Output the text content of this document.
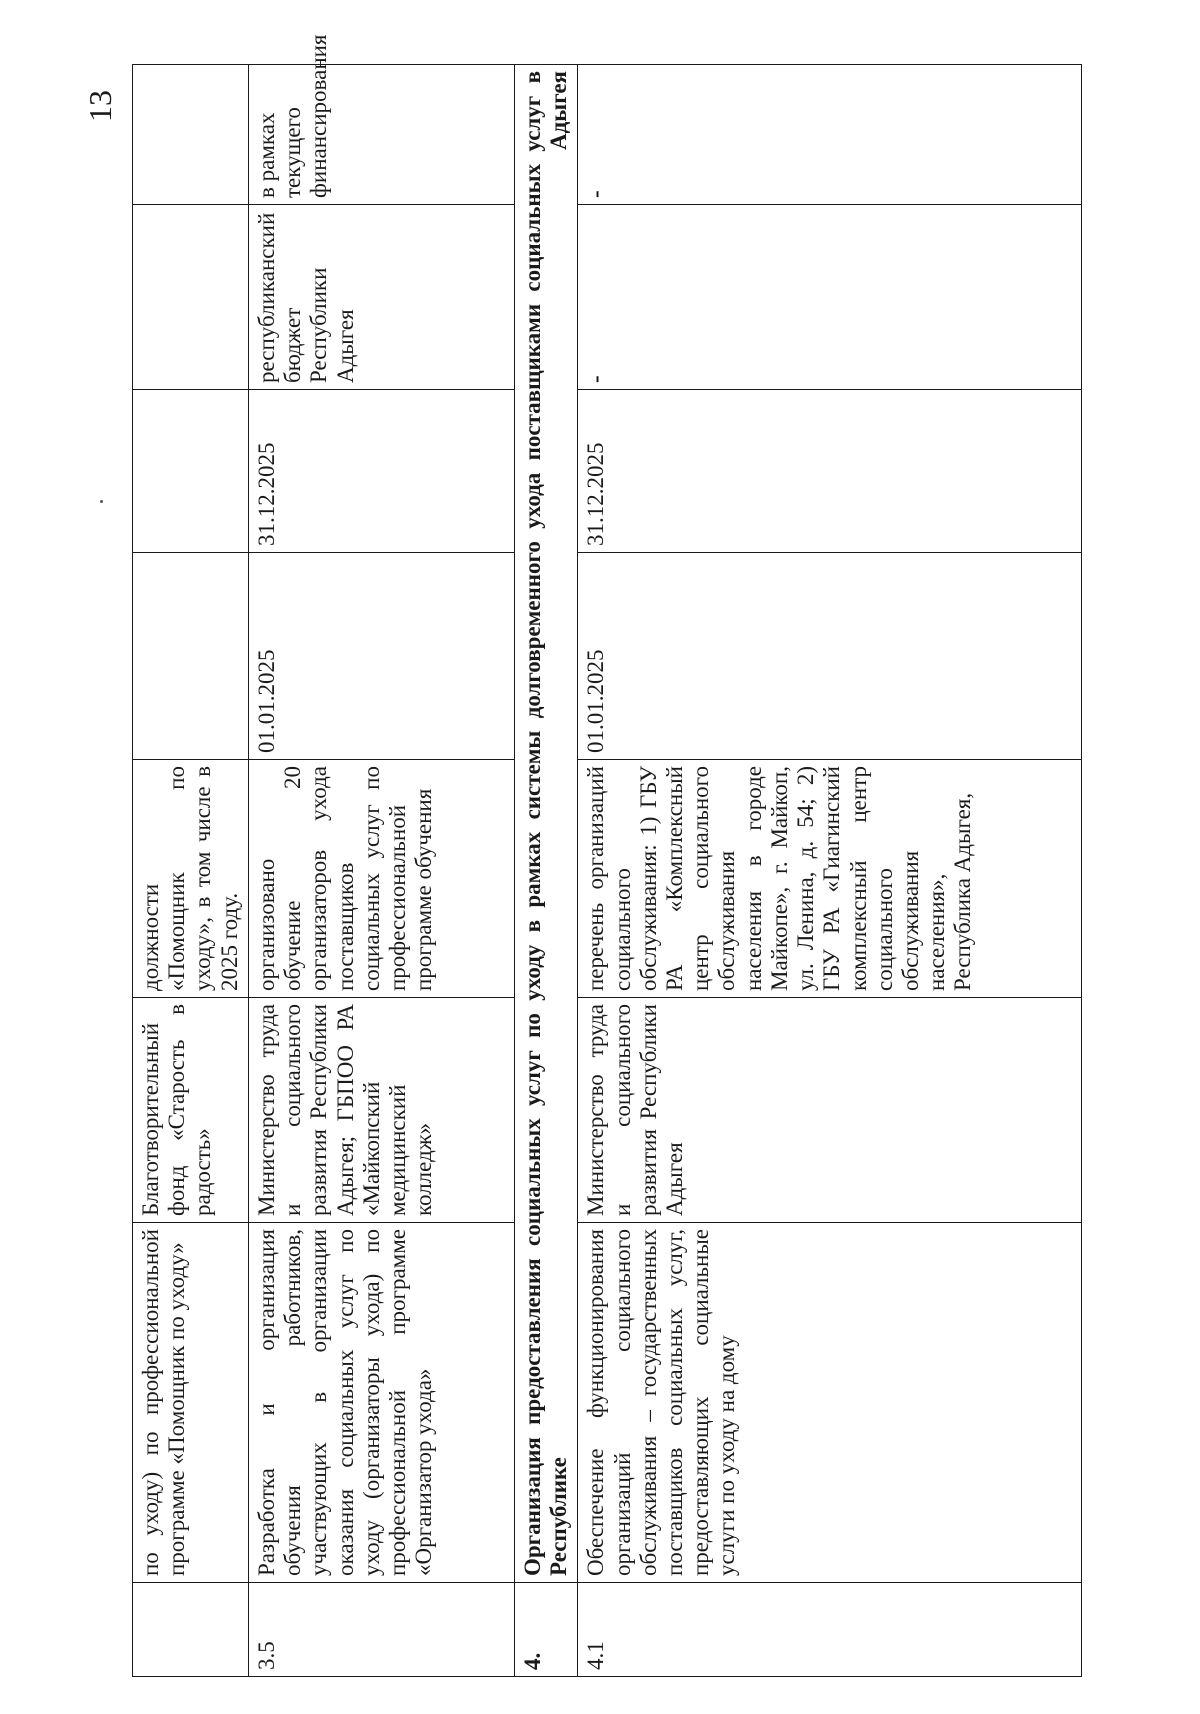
13
	по уходу) по профессиональной программе «Помощник по уходу»	Благотворительный фонд «Старость в радость»	должности «Помощник по уходу», в том числе в 2025 году.				
3.5	Разработка и организация обучения работников, участвующих в организации оказания социальных услуг по уходу (организаторы ухода) по профессиональной программе «Организатор ухода»	Министерство труда и социального развития Республики Адыгея; ГБПОО РА «Майкопский медицинский колледж»	организовано обучение 20 организаторов ухода поставщиков социальных услуг по профессиональной программе обучения	01.01.2025	31.12.2025	республиканский бюджет Республики Адыгея	в рамках текущего финансирования
4.	Организация предоставления социальных услуг по уходу в рамках системы долговременного ухода поставщиками социальных услуг в Республике Адыгея						
4.1	Обеспечение функционирования организаций социального обслуживания – государственных поставщиков социальных услуг, предоставляющих социальные услуги по уходу на дому	Министерство труда и социального развития Республики Адыгея	перечень организаций социального обслуживания: 1) ГБУ РА «Комплексный центр социального обслуживания населения в городе Майкопе», г. Майкоп, ул. Ленина, д. 54; 2) ГБУ РА «Гиагинский комплексный центр социального обслуживания населения», Республика Адыгея,	01.01.2025	31.12.2025	-	-
